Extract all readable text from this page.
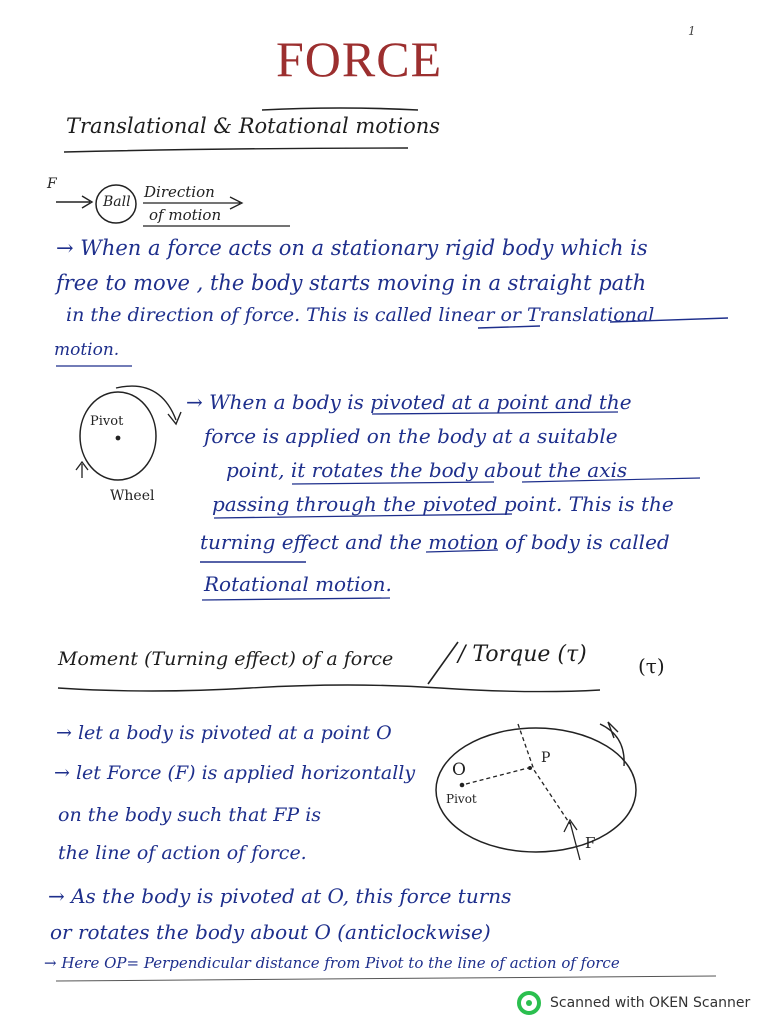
FORCE	1
Translational & Rotational motions
F
Ball
Direction
of motion
→ When a force acts on a stationary rigid body which is
free to move , the body starts moving in a straight path
in the direction of force. This is called linear or Translational
motion.
Pivot
Wheel
→ When a body is pivoted at a point and the
force is applied on the body at a suitable
point, it rotates the body about the axis
passing through the pivoted point. This is the
turning effect and the motion of body is called
Rotational motion.
Moment (Turning effect) of a force	/ Torque (τ)	(τ)
→ let a body is pivoted at a point O
→ let Force (F) is applied horizontally
on the body such that FP is
the line of action of force.
O
Pivot
P
F
→ As the body is pivoted at O, this force turns
or rotates the body about O (anticlockwise)
→ Here OP= Perpendicular distance from Pivot to the line of action of force
Scanned with OKEN Scanner
